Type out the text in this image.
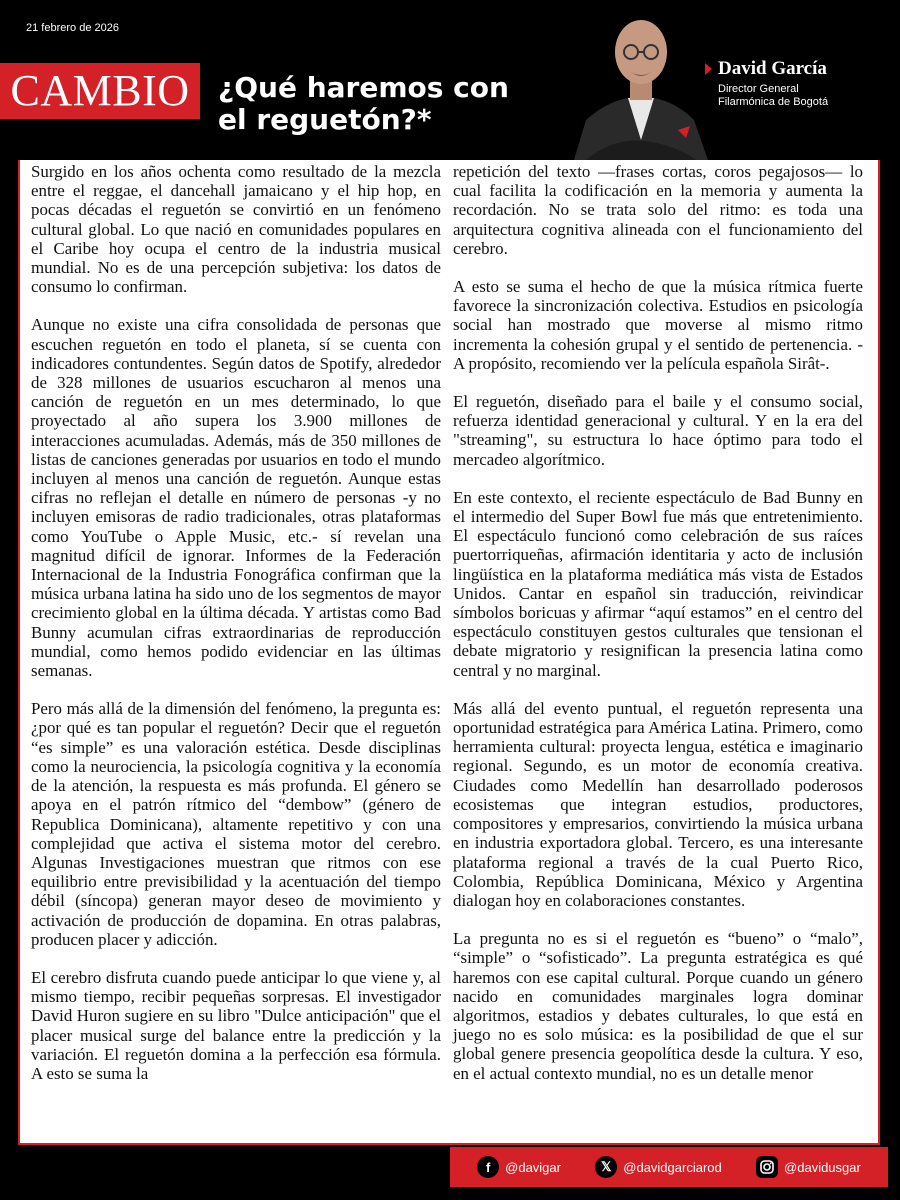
21 febrero de 2026
CAMBIO	¿Qué haremos con el reguetón?*
David García
Director General
Filarmónica de Bogotá

Surgido en los años ochenta como resultado de la mezcla entre el reggae, el dancehall jamaicano y el hip hop, en pocas décadas el reguetón se convirtió en un fenómeno cultural global. Lo que nació en comunidades populares en el Caribe hoy ocupa el centro de la industria musical mundial. No es de una percepción subjetiva: los datos de consumo lo confirman.

Aunque no existe una cifra consolidada de personas que escuchen reguetón en todo el planeta, sí se cuenta con indicadores contundentes. Según datos de Spotify, alrededor de 328 millones de usuarios escucharon al menos una canción de reguetón en un mes determinado, lo que proyectado al año supera los 3.900 millones de interacciones acumuladas. Además, más de 350 millones de listas de canciones generadas por usuarios en todo el mundo incluyen al menos una canción de reguetón. Aunque estas cifras no reflejan el detalle en número de personas -y no incluyen emisoras de radio tradicionales, otras plataformas como YouTube o Apple Music, etc.- sí revelan una magnitud difícil de ignorar. Informes de la Federación Internacional de la Industria Fonográfica confirman que la música urbana latina ha sido uno de los segmentos de mayor crecimiento global en la última década. Y artistas como Bad Bunny acumulan cifras extraordinarias de reproducción mundial, como hemos podido evidenciar en las últimas semanas.

Pero más allá de la dimensión del fenómeno, la pregunta es: ¿por qué es tan popular el reguetón? Decir que el reguetón “es simple” es una valoración estética. Desde disciplinas como la neurociencia, la psicología cognitiva y la economía de la atención, la respuesta es más profunda. El género se apoya en el patrón rítmico del “dembow” (género de Republica Dominicana), altamente repetitivo y con una complejidad que activa el sistema motor del cerebro. Algunas Investigaciones muestran que ritmos con ese equilibrio entre previsibilidad y la acentuación del tiempo débil (síncopa) generan mayor deseo de movimiento y activación de producción de dopamina. En otras palabras, producen placer y adicción.

El cerebro disfruta cuando puede anticipar lo que viene y, al mismo tiempo, recibir pequeñas sorpresas. El investigador David Huron sugiere en su libro "Dulce anticipación" que el placer musical surge del balance entre la predicción y la variación. El reguetón domina a la perfección esa fórmula. A esto se suma la

repetición del texto —frases cortas, coros pegajosos— lo cual facilita la codificación en la memoria y aumenta la recordación. No se trata solo del ritmo: es toda una arquitectura cognitiva alineada con el funcionamiento del cerebro.

A esto se suma el hecho de que la música rítmica fuerte favorece la sincronización colectiva. Estudios en psicología social han mostrado que moverse al mismo ritmo incrementa la cohesión grupal y el sentido de pertenencia. -A propósito, recomiendo ver la película española Sirât-.

El reguetón, diseñado para el baile y el consumo social, refuerza identidad generacional y cultural. Y en la era del "streaming", su estructura lo hace óptimo para todo el mercadeo algorítmico.

En este contexto, el reciente espectáculo de Bad Bunny en el intermedio del Super Bowl fue más que entretenimiento. El espectáculo funcionó como celebración de sus raíces puertorriqueñas, afirmación identitaria y acto de inclusión lingüística en la plataforma mediática más vista de Estados Unidos. Cantar en español sin traducción, reivindicar símbolos boricuas y afirmar “aquí estamos” en el centro del espectáculo constituyen gestos culturales que tensionan el debate migratorio y resignifican la presencia latina como central y no marginal.

Más allá del evento puntual, el reguetón representa una oportunidad estratégica para América Latina. Primero, como herramienta cultural: proyecta lengua, estética e imaginario regional. Segundo, es un motor de economía creativa. Ciudades como Medellín han desarrollado poderosos ecosistemas que integran estudios, productores, compositores y empresarios, convirtiendo la música urbana en industria exportadora global. Tercero, es una interesante plataforma regional a través de la cual Puerto Rico, Colombia, República Dominicana, México y Argentina dialogan hoy en colaboraciones constantes.

La pregunta no es si el reguetón es “bueno” o “malo”, “simple” o “sofisticado”. La pregunta estratégica es qué haremos con ese capital cultural. Porque cuando un género nacido en comunidades marginales logra dominar algoritmos, estadios y debates culturales, lo que está en juego no es solo música: es la posibilidad de que el sur global genere presencia geopolítica desde la cultura. Y eso, en el actual contexto mundial, no es un detalle menor

f	@davigar	𝕏 @davidgarciarod	@davidusgar
